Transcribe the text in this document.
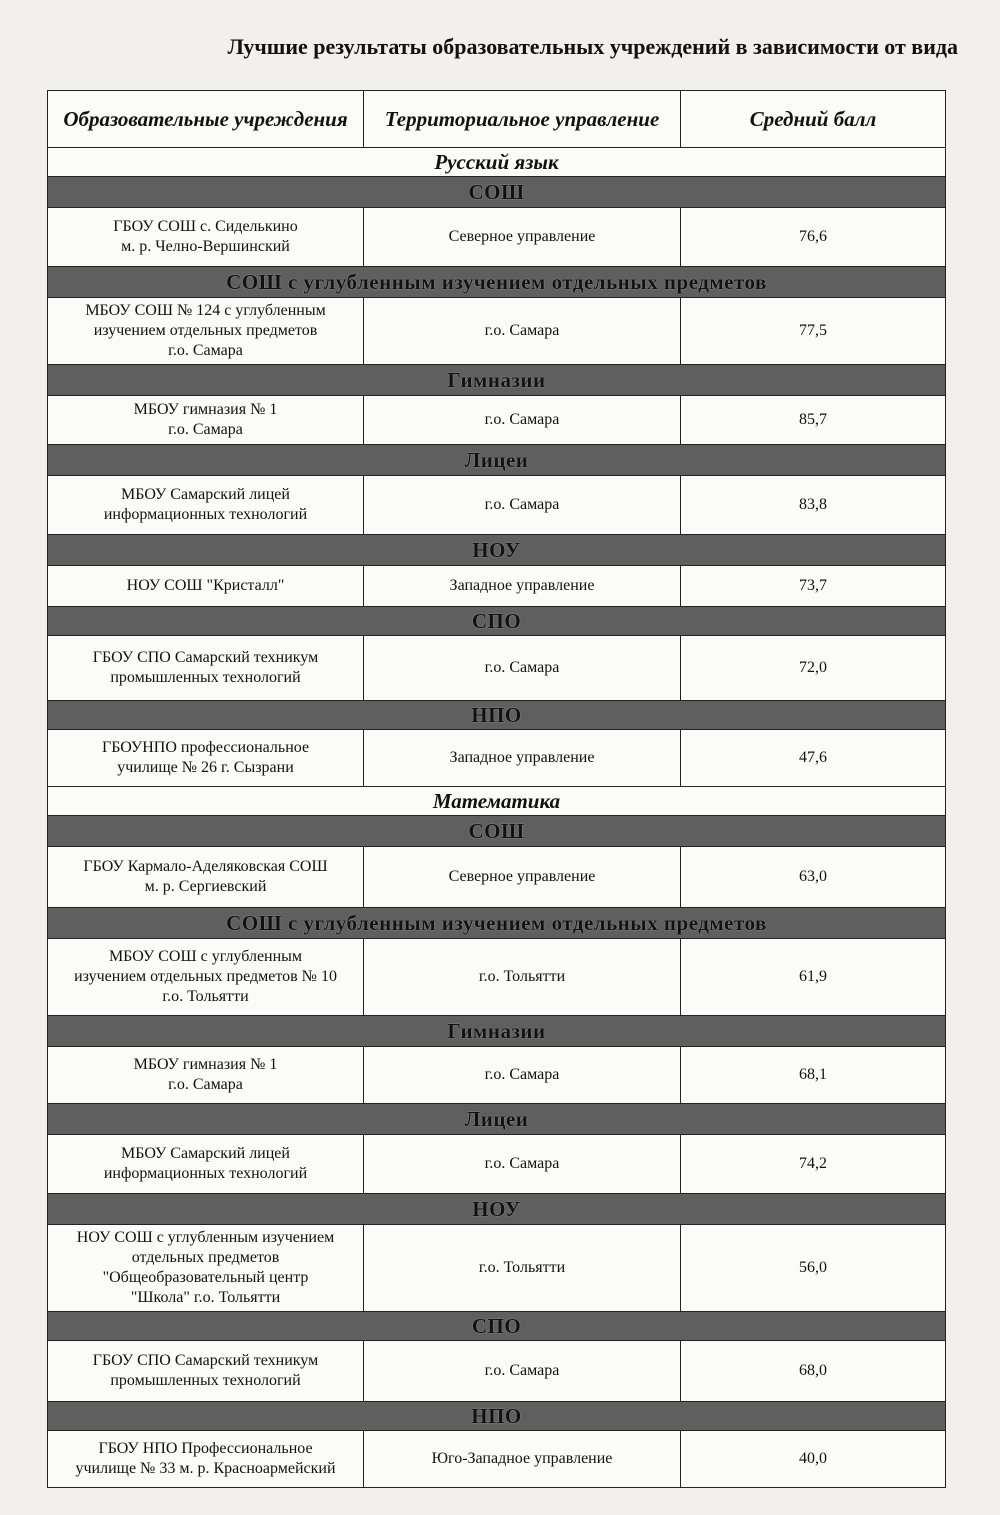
Лучшие результаты образовательных учреждений в зависимости от вида
Образовательные учреждения	Территориальное управление	Средний балл
Русский язык		
СОШ		

ГБОУ СОШ с. Сиделькино
м. р. Челно-Вершинский	Северное управление	76,6
СОШ с углубленным изучением отдельных предметов		

МБОУ СОШ № 124 с углубленным
изучением отдельных предметов
г.о. Самара	г.о. Самара	77,5
Гимназии		

МБОУ гимназия № 1
г.о. Самара	г.о. Самара	85,7
Лицеи		

МБОУ Самарский лицей
информационных технологий	г.о. Самара	83,8
НОУ		
НОУ СОШ "Кристалл"	Западное управление	73,7
СПО		

ГБОУ СПО Самарский техникум
промышленных технологий	г.о. Самара	72,0
НПО		

ГБОУНПО профессиональное
училище № 26 г. Сызрани	Западное управление	47,6
Математика		
СОШ		

ГБОУ Кармало-Аделяковская СОШ
м. р. Сергиевский	Северное управление	63,0
СОШ с углубленным изучением отдельных предметов		

МБОУ СОШ с углубленным
изучением отдельных предметов № 10
г.о. Тольятти	г.о. Тольятти	61,9
Гимназии		

МБОУ гимназия № 1
г.о. Самара	г.о. Самара	68,1
Лицеи		

МБОУ Самарский лицей
информационных технологий	г.о. Самара	74,2
НОУ		

НОУ СОШ с углубленным изучением
отдельных предметов
"Общеобразовательный центр
"Школа" г.о. Тольятти	г.о. Тольятти	56,0
СПО		

ГБОУ СПО Самарский техникум
промышленных технологий	г.о. Самара	68,0
НПО		

ГБОУ НПО Профессиональное
училище № 33 м. р. Красноармейский	Юго-Западное управление	40,0
